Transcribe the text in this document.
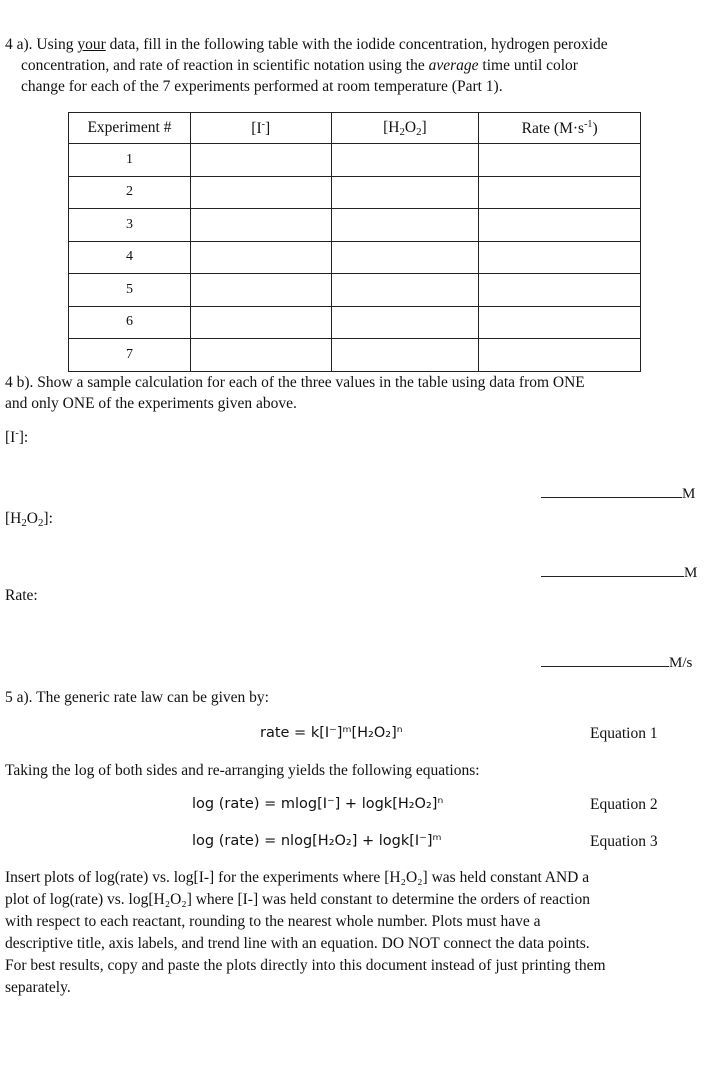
4 a). Using your data, fill in the following table with the iodide concentration, hydrogen peroxide
concentration, and rate of reaction in scientific notation using the average time until color
change for each of the 7 experiments performed at room temperature (Part 1).
Experiment #	[I-]	$[H_2O_2]$	Rate $(M\cdot s^{-1})$
1			
2			
3			
4			
5			
6			
7			
4 b). Show a sample calculation for each of the three values in the table using data from ONE
and only ONE of the experiments given above.
[I-]:
M
$[H_2O_2]$:
M
Rate:
M/s
5 a). The generic rate law can be given by:
rate = k[I⁻]ᵐ[H₂O₂]ⁿ	Equation 1
Taking the log of both sides and re-arranging yields the following equations:
log (rate) = mlog[I⁻] + logk[H₂O₂]ⁿ	Equation 2
log (rate) = nlog[H₂O₂] + logk[I⁻]ᵐ	Equation 3
Insert plots of log(rate) vs. log[I-] for the experiments where [H₂O₂] was held constant AND a
plot of log(rate) vs. log[H₂O₂] where [I-] was held constant to determine the orders of reaction
with respect to each reactant, rounding to the nearest whole number. Plots must have a
descriptive title, axis labels, and trend line with an equation. DO NOT connect the data points.
For best results, copy and paste the plots directly into this document instead of just printing them
separately.
